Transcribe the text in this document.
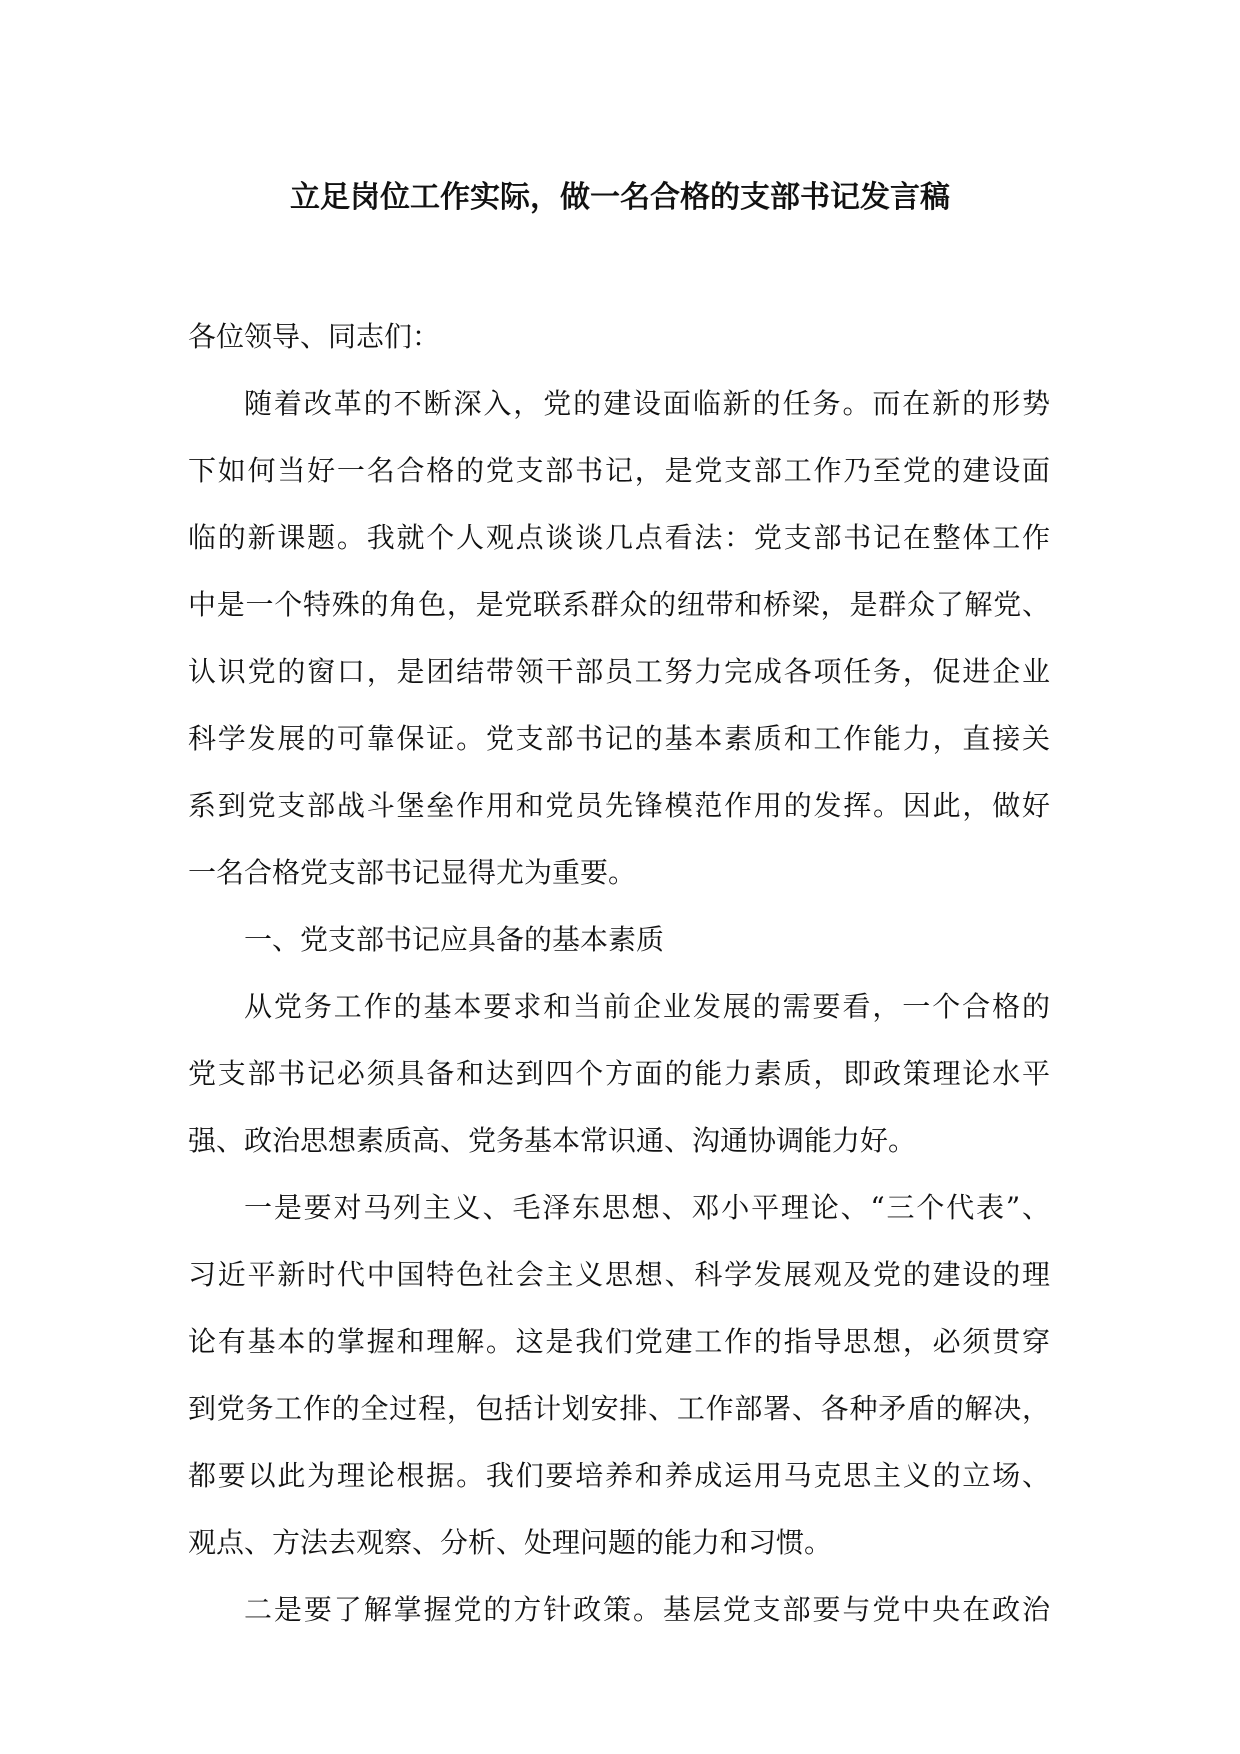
立足岗位工作实际，做一名合格的支部书记发言稿
各位领导、同志们：
随着改革的不断深入，党的建设面临新的任务。而在新的形势
下如何当好一名合格的党支部书记，是党支部工作乃至党的建设面
临的新课题。我就个人观点谈谈几点看法：党支部书记在整体工作
中是一个特殊的角色，是党联系群众的纽带和桥梁，是群众了解党、
认识党的窗口，是团结带领干部员工努力完成各项任务，促进企业
科学发展的可靠保证。党支部书记的基本素质和工作能力，直接关
系到党支部战斗堡垒作用和党员先锋模范作用的发挥。因此，做好
一名合格党支部书记显得尤为重要。
一、党支部书记应具备的基本素质
从党务工作的基本要求和当前企业发展的需要看，一个合格的
党支部书记必须具备和达到四个方面的能力素质，即政策理论水平
强、政治思想素质高、党务基本常识通、沟通协调能力好。
一是要对马列主义、毛泽东思想、邓小平理论、“三个代表”、
习近平新时代中国特色社会主义思想、科学发展观及党的建设的理
论有基本的掌握和理解。这是我们党建工作的指导思想，必须贯穿
到党务工作的全过程，包括计划安排、工作部署、各种矛盾的解决，
都要以此为理论根据。我们要培养和养成运用马克思主义的立场、
观点、方法去观察、分析、处理问题的能力和习惯。
二是要了解掌握党的方针政策。基层党支部要与党中央在政治
